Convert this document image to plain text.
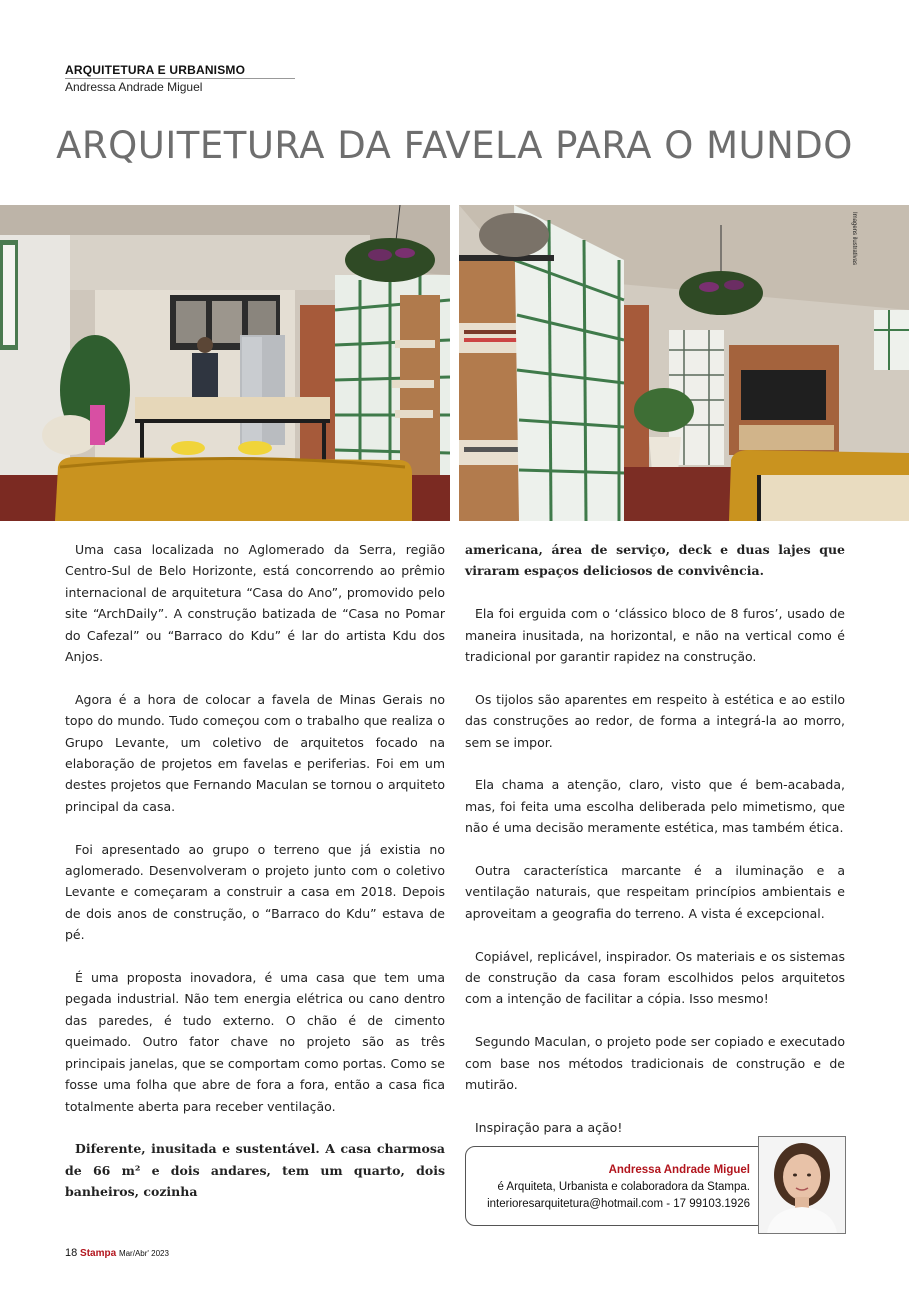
ARQUITETURA E URBANISMO
Andressa Andrade Miguel
ARQUITETURA DA FAVELA PARA O MUNDO
Imagens ilustrativas

Uma casa localizada no Aglomerado da Serra, região Centro-Sul de Belo Horizonte, está concorrendo ao prêmio internacional de arquitetura “Casa do Ano”, promovido pelo site “ArchDaily”. A construção batizada de “Casa no Pomar do Cafezal” ou “Barraco do Kdu” é lar do artista Kdu dos Anjos.

Agora é a hora de colocar a favela de Minas Gerais no topo do mundo. Tudo começou com o trabalho que realiza o Grupo Levante, um coletivo de arquitetos focado na elaboração de projetos em favelas e periferias. Foi em um destes projetos que Fernando Maculan se tornou o arquiteto principal da casa.

Foi apresentado ao grupo o terreno que já existia no aglomerado. Desenvolveram o projeto junto com o coletivo Levante e começaram a construir a casa em 2018. Depois de dois anos de construção, o “Barraco do Kdu” estava de pé.

É uma proposta inovadora, é uma casa que tem uma pegada industrial. Não tem energia elétrica ou cano dentro das paredes, é tudo externo. O chão é de cimento queimado. Outro fator chave no projeto são as três principais janelas, que se comportam como portas. Como se fosse uma folha que abre de fora a fora, então a casa fica totalmente aberta para receber ventilação.

Diferente, inusitada e sustentável. A casa charmosa de 66 m² e dois andares, tem um quarto, dois banheiros, cozinha

americana, área de serviço, deck e duas lajes que viraram espaços deliciosos de convivência.

Ela foi erguida com o ‘clássico bloco de 8 furos’, usado de maneira inusitada, na horizontal, e não na vertical como é tradicional por garantir rapidez na construção.

Os tijolos são aparentes em respeito à estética e ao estilo das construções ao redor, de forma a integrá-la ao morro, sem se impor.

Ela chama a atenção, claro, visto que é bem-acabada, mas, foi feita uma escolha deliberada pelo mimetismo, que não é uma decisão meramente estética, mas também ética.

Outra característica marcante é a iluminação e a ventilação naturais, que respeitam princípios ambientais e aproveitam a geografia do terreno. A vista é excepcional.

Copiável, replicável, inspirador. Os materiais e os sistemas de construção da casa foram escolhidos pelos arquitetos com a intenção de facilitar a cópia. Isso mesmo!

Segundo Maculan, o projeto pode ser copiado e executado com base nos métodos tradicionais de construção e de mutirão.

Inspiração para a ação!

Andressa Andrade Miguel
é Arquiteta, Urbanista e colaboradora da Stampa.
interioresarquitetura@hotmail.com - 17 99103.1926
18 Stampa Mar/Abr' 2023
